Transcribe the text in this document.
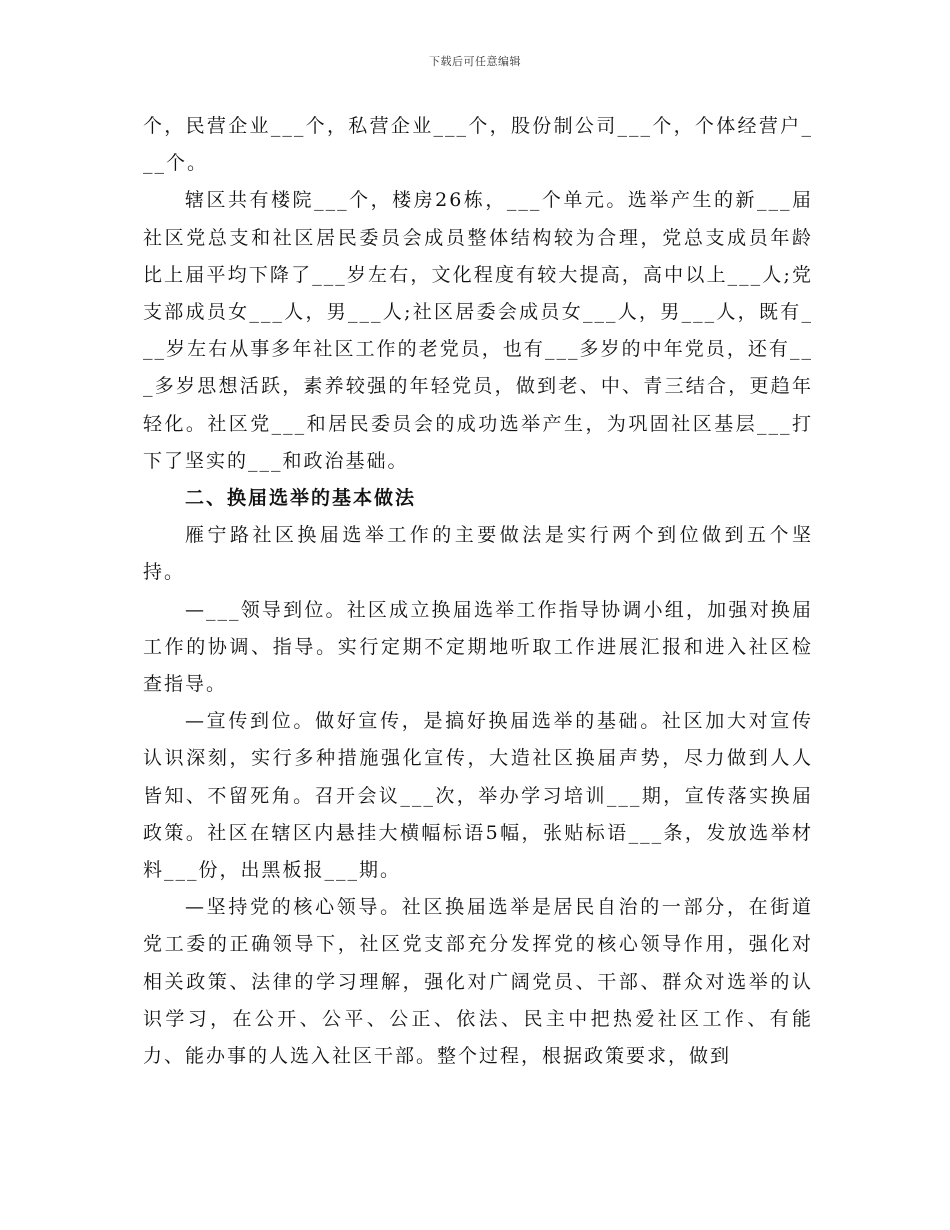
下载后可任意编辑

个，民营企业___个，私营企业___个，股份制公司___个，个体经营户___个。

辖区共有楼院___个，楼房26栋，___个单元。选举产生的新___届社区党总支和社区居民委员会成员整体结构较为合理，党总支成员年龄比上届平均下降了___岁左右，文化程度有较大提高，高中以上___人;党支部成员女___人，男___人;社区居委会成员女___人，男___人，既有___岁左右从事多年社区工作的老党员，也有___多岁的中年党员，还有___多岁思想活跃，素养较强的年轻党员，做到老、中、青三结合，更趋年轻化。社区党___和居民委员会的成功选举产生，为巩固社区基层___打下了坚实的___和政治基础。

二、换届选举的基本做法

雁宁路社区换届选举工作的主要做法是实行两个到位做到五个坚持。

—___领导到位。社区成立换届选举工作指导协调小组，加强对换届工作的协调、指导。实行定期不定期地听取工作进展汇报和进入社区检查指导。

—宣传到位。做好宣传，是搞好换届选举的基础。社区加大对宣传认识深刻，实行多种措施强化宣传，大造社区换届声势，尽力做到人人皆知、不留死角。召开会议___次，举办学习培训___期，宣传落实换届政策。社区在辖区内悬挂大横幅标语5幅，张贴标语___条，发放选举材料___份，出黑板报___期。

—坚持党的核心领导。社区换届选举是居民自治的一部分，在街道党工委的正确领导下，社区党支部充分发挥党的核心领导作用，强化对相关政策、法律的学习理解，强化对广阔党员、干部、群众对选举的认识学习，在公开、公平、公正、依法、民主中把热爱社区工作、有能力、能办事的人选入社区干部。整个过程，根据政策要求，做到
